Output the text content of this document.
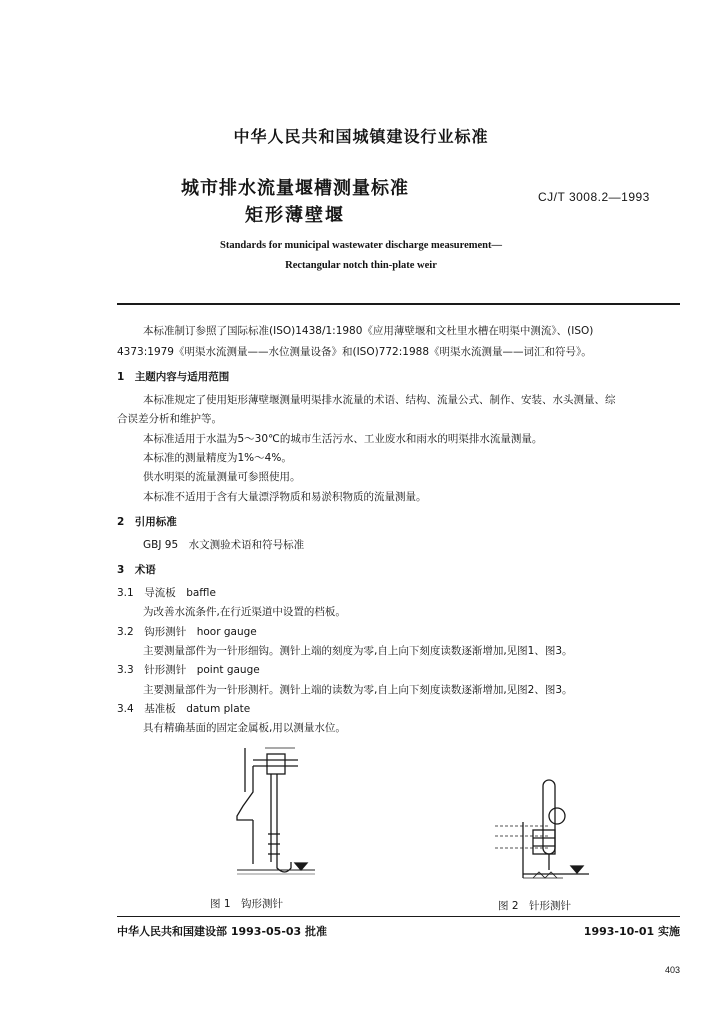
中华人民共和国城镇建设行业标准
城市排水流量堰槽测量标准
矩形薄壁堰
CJ/T 3008.2—1993
Standards for municipal wastewater discharge measurement—
Rectangular notch thin-plate weir
本标准制订参照了国际标准(ISO)1438/1:1980《应用薄壁堰和文杜里水槽在明渠中测流》、(ISO)
4373:1979《明渠水流测量——水位测量设备》和(ISO)772:1988《明渠水流测量——词汇和符号》。
1　主题内容与适用范围
本标准规定了使用矩形薄壁堰测量明渠排水流量的术语、结构、流量公式、制作、安装、水头测量、综
合误差分析和维护等。
本标准适用于水温为5～30℃的城市生活污水、工业废水和雨水的明渠排水流量测量。
本标准的测量精度为1%～4%。
供水明渠的流量测量可参照使用。
本标准不适用于含有大量漂浮物质和易淤积物质的流量测量。
2　引用标准
GBJ 95　水文测验术语和符号标准
3　术语
3.1　导流板　baffle
为改善水流条件,在行近渠道中设置的档板。
3.2　钩形测针　hoor gauge
主要测量部件为一针形细钩。测针上端的刻度为零,自上向下刻度读数逐渐增加,见图1、图3。
3.3　针形测针　point gauge
主要测量部件为一针形测杆。测针上端的读数为零,自上向下刻度读数逐渐增加,见图2、图3。
3.4　基准板　datum plate
具有精确基面的固定金属板,用以测量水位。
图 1　钩形测针	图 2　针形测针
中华人民共和国建设部 1993-05-03 批准	1993-10-01 实施
403
